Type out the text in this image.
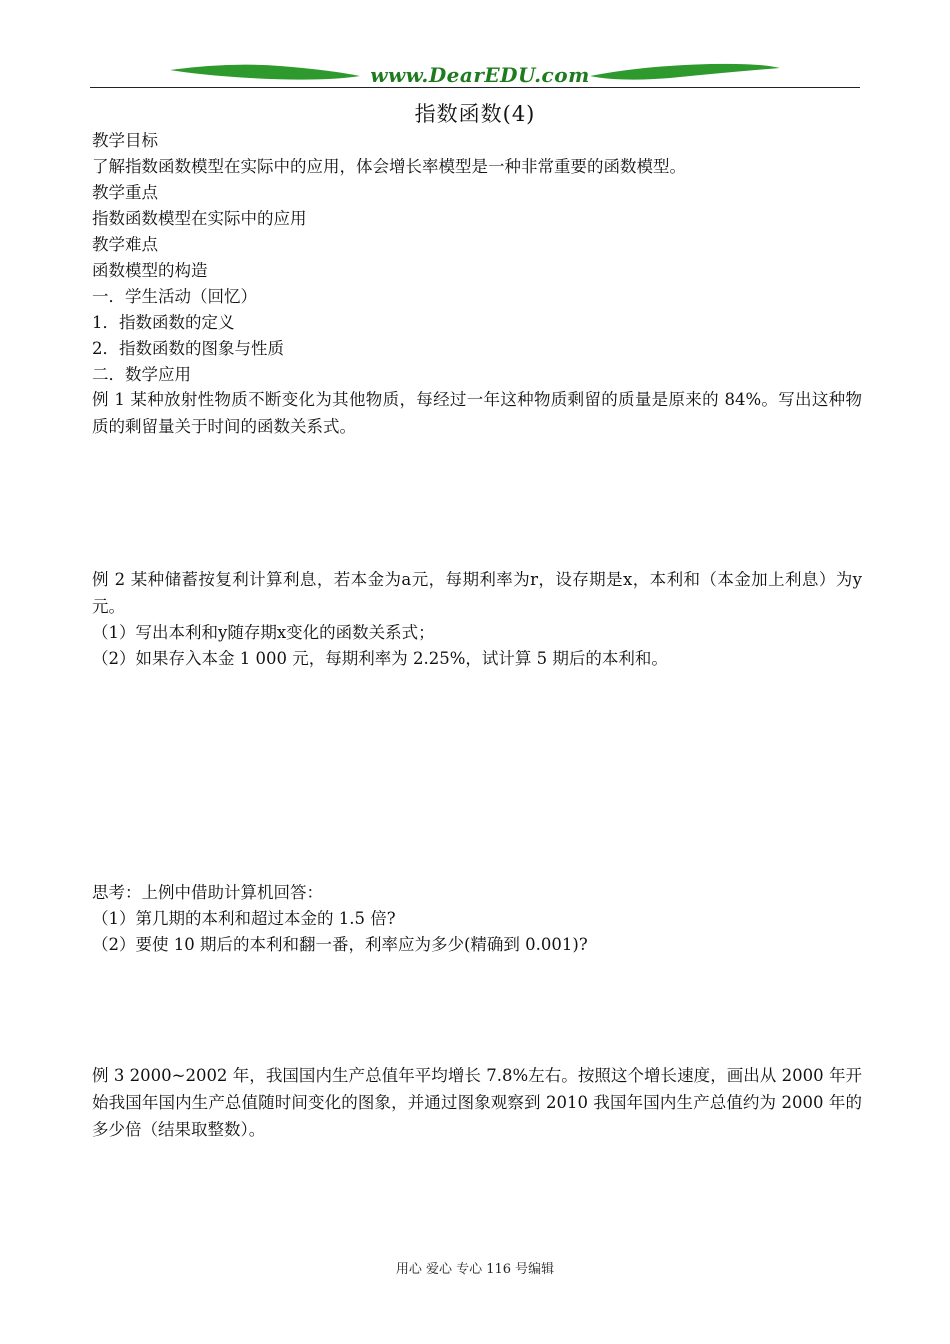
www.DearEDU.com
指数函数(4)
教学目标
了解指数函数模型在实际中的应用，体会增长率模型是一种非常重要的函数模型。
教学重点
指数函数模型在实际中的应用
教学难点
函数模型的构造
一．学生活动（回忆）
1．指数函数的定义
2．指数函数的图象与性质
二．数学应用
例 1 某种放射性物质不断变化为其他物质，每经过一年这种物质剩留的质量是原来的 84%。写出这种物质的剩留量关于时间的函数关系式。
例 2 某种储蓄按复利计算利息，若本金为a元，每期利率为r，设存期是x，本利和（本金加上利息）为y元。
（1）写出本利和y随存期x变化的函数关系式；
（2）如果存入本金 1 000 元，每期利率为 2.25%，试计算 5 期后的本利和。
思考：上例中借助计算机回答：
（1）第几期的本利和超过本金的 1.5 倍?
（2）要使 10 期后的本利和翻一番，利率应为多少(精确到 0.001)?
例 3 2000~2002 年，我国国内生产总值年平均增长 7.8%左右。按照这个增长速度，画出从 2000 年开始我国年国内生产总值随时间变化的图象，并通过图象观察到 2010 我国年国内生产总值约为 2000 年的多少倍（结果取整数）。
用心 爱心 专心 116 号编辑
